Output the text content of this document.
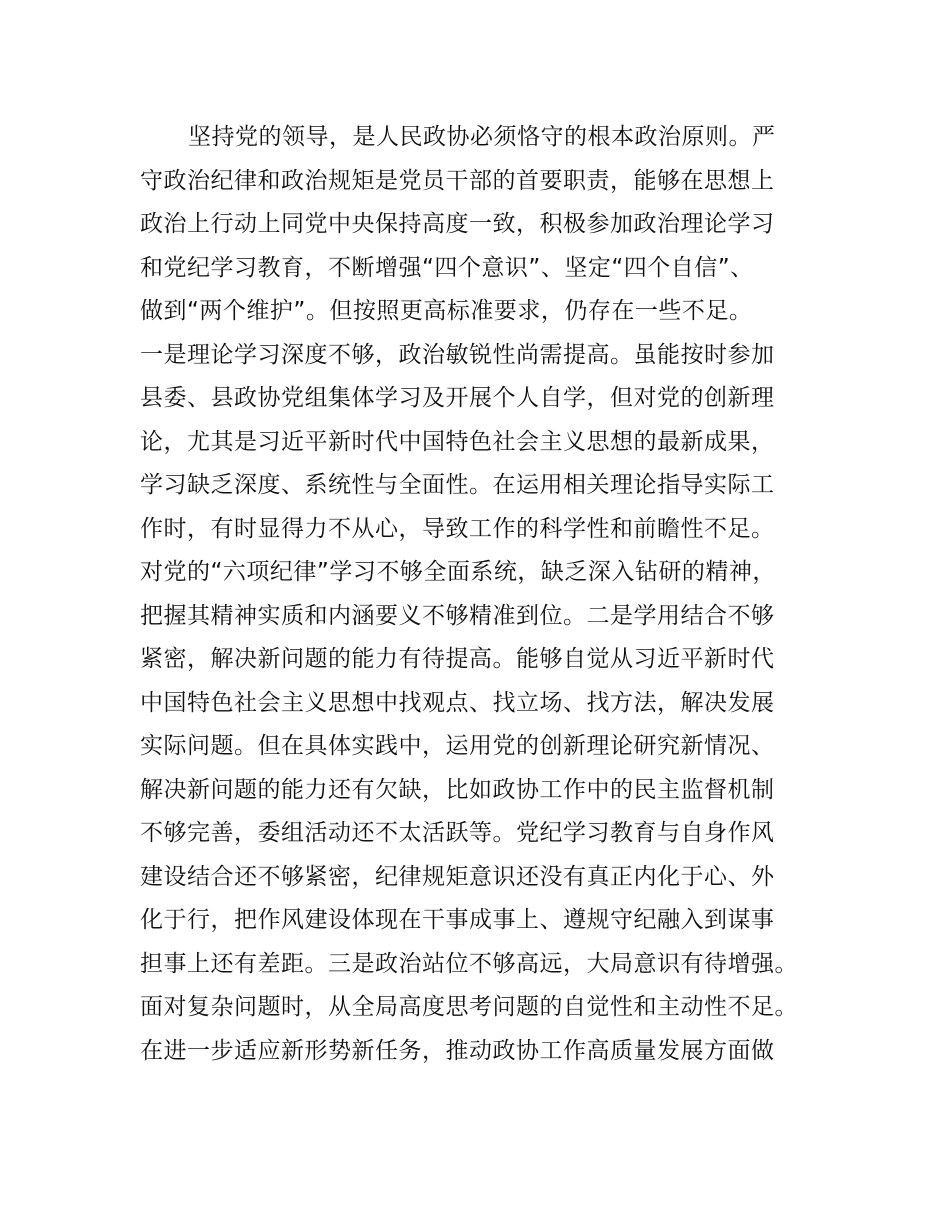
坚持党的领导，是人民政协必须恪守的根本政治原则。严
守政治纪律和政治规矩是党员干部的首要职责，能够在思想上
政治上行动上同党中央保持高度一致，积极参加政治理论学习
和党纪学习教育，不断增强“四个意识”、坚定“四个自信”、
做到“两个维护”。但按照更高标准要求，仍存在一些不足。
一是理论学习深度不够，政治敏锐性尚需提高。虽能按时参加
县委、县政协党组集体学习及开展个人自学，但对党的创新理
论，尤其是习近平新时代中国特色社会主义思想的最新成果，
学习缺乏深度、系统性与全面性。在运用相关理论指导实际工
作时，有时显得力不从心，导致工作的科学性和前瞻性不足。
对党的“六项纪律”学习不够全面系统，缺乏深入钻研的精神，
把握其精神实质和内涵要义不够精准到位。二是学用结合不够
紧密，解决新问题的能力有待提高。能够自觉从习近平新时代
中国特色社会主义思想中找观点、找立场、找方法，解决发展
实际问题。但在具体实践中，运用党的创新理论研究新情况、
解决新问题的能力还有欠缺，比如政协工作中的民主监督机制
不够完善，委组活动还不太活跃等。党纪学习教育与自身作风
建设结合还不够紧密，纪律规矩意识还没有真正内化于心、外
化于行，把作风建设体现在干事成事上、遵规守纪融入到谋事
担事上还有差距。三是政治站位不够高远，大局意识有待增强。
面对复杂问题时，从全局高度思考问题的自觉性和主动性不足。
在进一步适应新形势新任务，推动政协工作高质量发展方面做
